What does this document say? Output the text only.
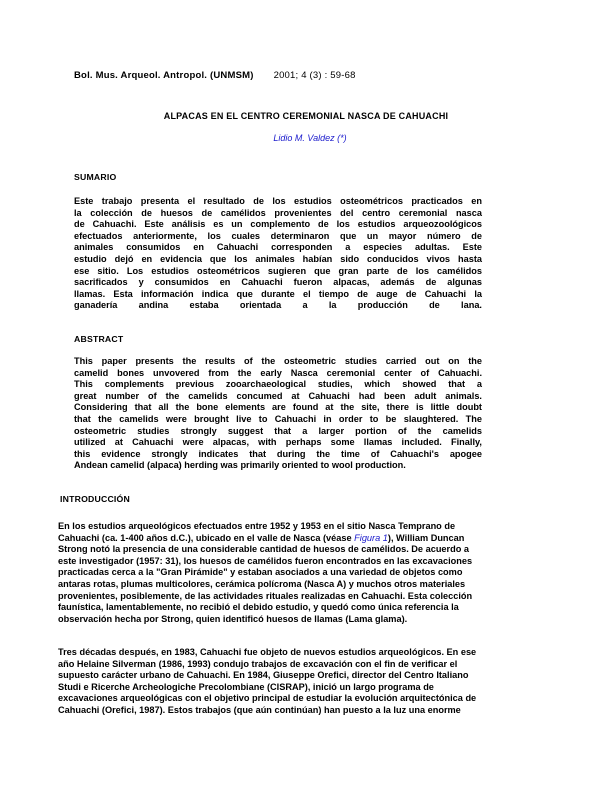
Bol. Mus. Arqueol. Antropol. (UNMSM) 2001; 4 (3) : 59-68
ALPACAS EN EL CENTRO CEREMONIAL NASCA DE CAHUACHI
Lidio M. Valdez (*)
SUMARIO
Este trabajo presenta el resultado de los estudios osteométricos practicados en
la colección de huesos de camélidos provenientes del centro ceremonial nasca
de Cahuachi. Este análisis es un complemento de los estudios arqueozoológicos
efectuados anteriormente, los cuales determinaron que un mayor número de
animales consumidos en Cahuachi corresponden a especies adultas. Este
estudio dejó en evidencia que los animales habían sido conducidos vivos hasta
ese sitio. Los estudios osteométricos sugieren que gran parte de los camélidos
sacrificados y consumidos en Cahuachi fueron alpacas, además de algunas
llamas. Esta información indica que durante el tiempo de auge de Cahuachi la
ganadería andina estaba orientada a la producción de lana.
ABSTRACT
This paper presents the results of the osteometric studies carried out on the
camelid bones unvovered from the early Nasca ceremonial center of Cahuachi.
This complements previous zooarchaeological studies, which showed that a
great number of the camelids concumed at Cahuachi had been adult animals.
Considering that all the bone elements are found at the site, there is little doubt
that the camelids were brought live to Cahuachi in order to be slaughtered. The
osteometric studies strongly suggest that a larger portion of the camelids
utilized at Cahuachi were alpacas, with perhaps some llamas included. Finally,
this evidence strongly indicates that during the time of Cahuachi's apogee
Andean camelid (alpaca) herding was primarily oriented to wool production.
INTRODUCCIÓN
En los estudios arqueológicos efectuados entre 1952 y 1953 en el sitio Nasca Temprano de
Cahuachi (ca. 1-400 años d.C.), ubicado en el valle de Nasca (véase Figura 1), William Duncan
Strong notó la presencia de una considerable cantidad de huesos de camélidos. De acuerdo a
este investigador (1957: 31), los huesos de camélidos fueron encontrados en las excavaciones
practicadas cerca a la "Gran Pirámide" y estaban asociados a una variedad de objetos como
antaras rotas, plumas multicolores, cerámica polícroma (Nasca A) y muchos otros materiales
provenientes, posiblemente, de las actividades rituales realizadas en Cahuachi. Esta colección
faunística, lamentablemente, no recibió el debido estudio, y quedó como única referencia la
observación hecha por Strong, quien identificó huesos de llamas (Lama glama).
Tres décadas después, en 1983, Cahuachi fue objeto de nuevos estudios arqueológicos. En ese
año Helaine Silverman (1986, 1993) condujo trabajos de excavación con el fin de verificar el
supuesto carácter urbano de Cahuachi. En 1984, Giuseppe Orefici, director del Centro Italiano
Studi e Ricerche Archeologiche Precolombiane (CISRAP), inició un largo programa de
excavaciones arqueológicas con el objetivo principal de estudiar la evolución arquitectónica de
Cahuachi (Orefici, 1987). Estos trabajos (que aún continúan) han puesto a la luz una enorme
